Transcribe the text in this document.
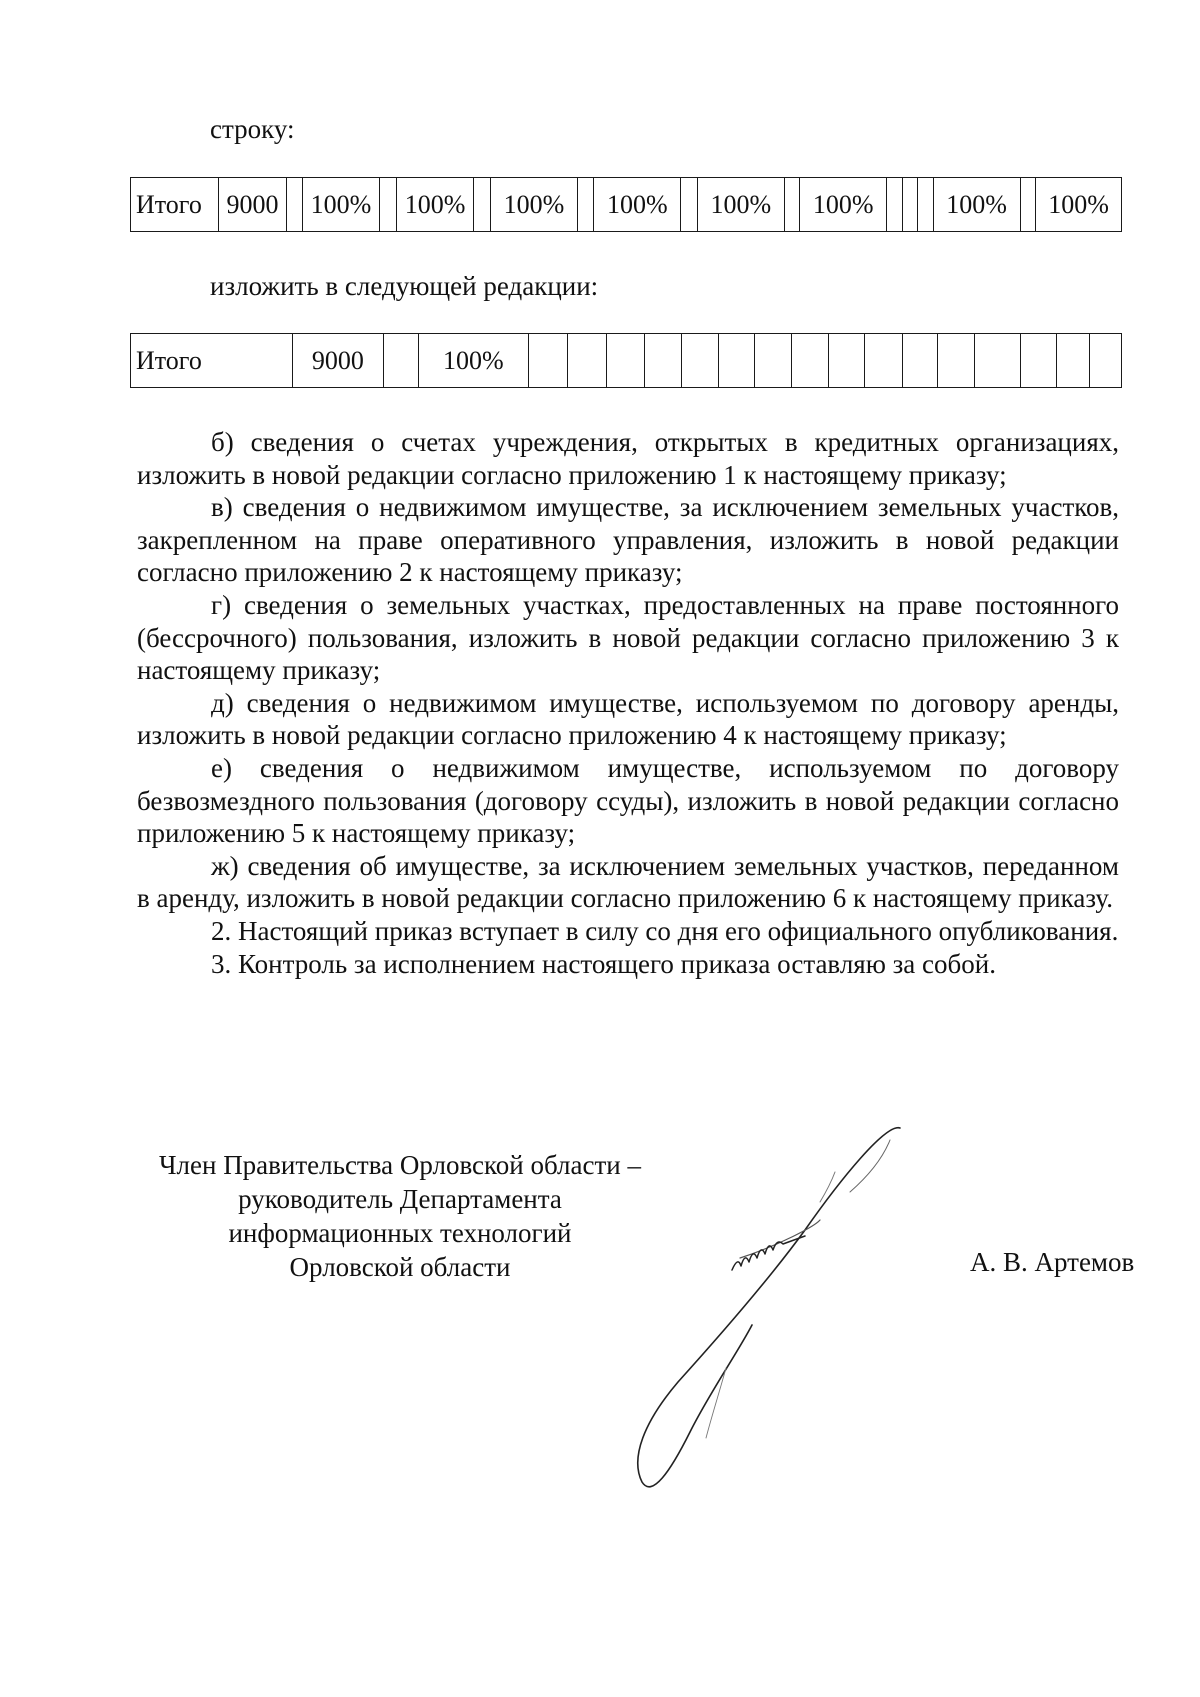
строку:
Итого	9000		100%		100%		100%		100%		100%		100%				100%		100%
изложить в следующей редакции:
Итого	9000		100%																

б) сведения о счетах учреждения, открытых в кредитных организациях, изложить в новой редакции согласно приложению 1 к настоящему приказу;

в) сведения о недвижимом имуществе, за исключением земельных участков, закрепленном на праве оперативного управления, изложить в новой редакции согласно приложению 2 к настоящему приказу;

г) сведения о земельных участках, предоставленных на праве постоянного (бессрочного) пользования, изложить в новой редакции согласно приложению 3 к настоящему приказу;

д) сведения о недвижимом имуществе, используемом по договору аренды, изложить в новой редакции согласно приложению 4 к настоящему приказу;

е) сведения о недвижимом имуществе, используемом по договору безвозмездного пользования (договору ссуды), изложить в новой редакции согласно приложению 5 к настоящему приказу;

ж) сведения об имуществе, за исключением земельных участков, переданном в аренду, изложить в новой редакции согласно приложению 6 к настоящему приказу.

2. Настоящий приказ вступает в силу со дня его официального опубликования.

3. Контроль за исполнением настоящего приказа оставляю за собой.

Член Правительства Орловской области –
руководитель Департамента
информационных технологий
Орловской области	А. В. Артемов
